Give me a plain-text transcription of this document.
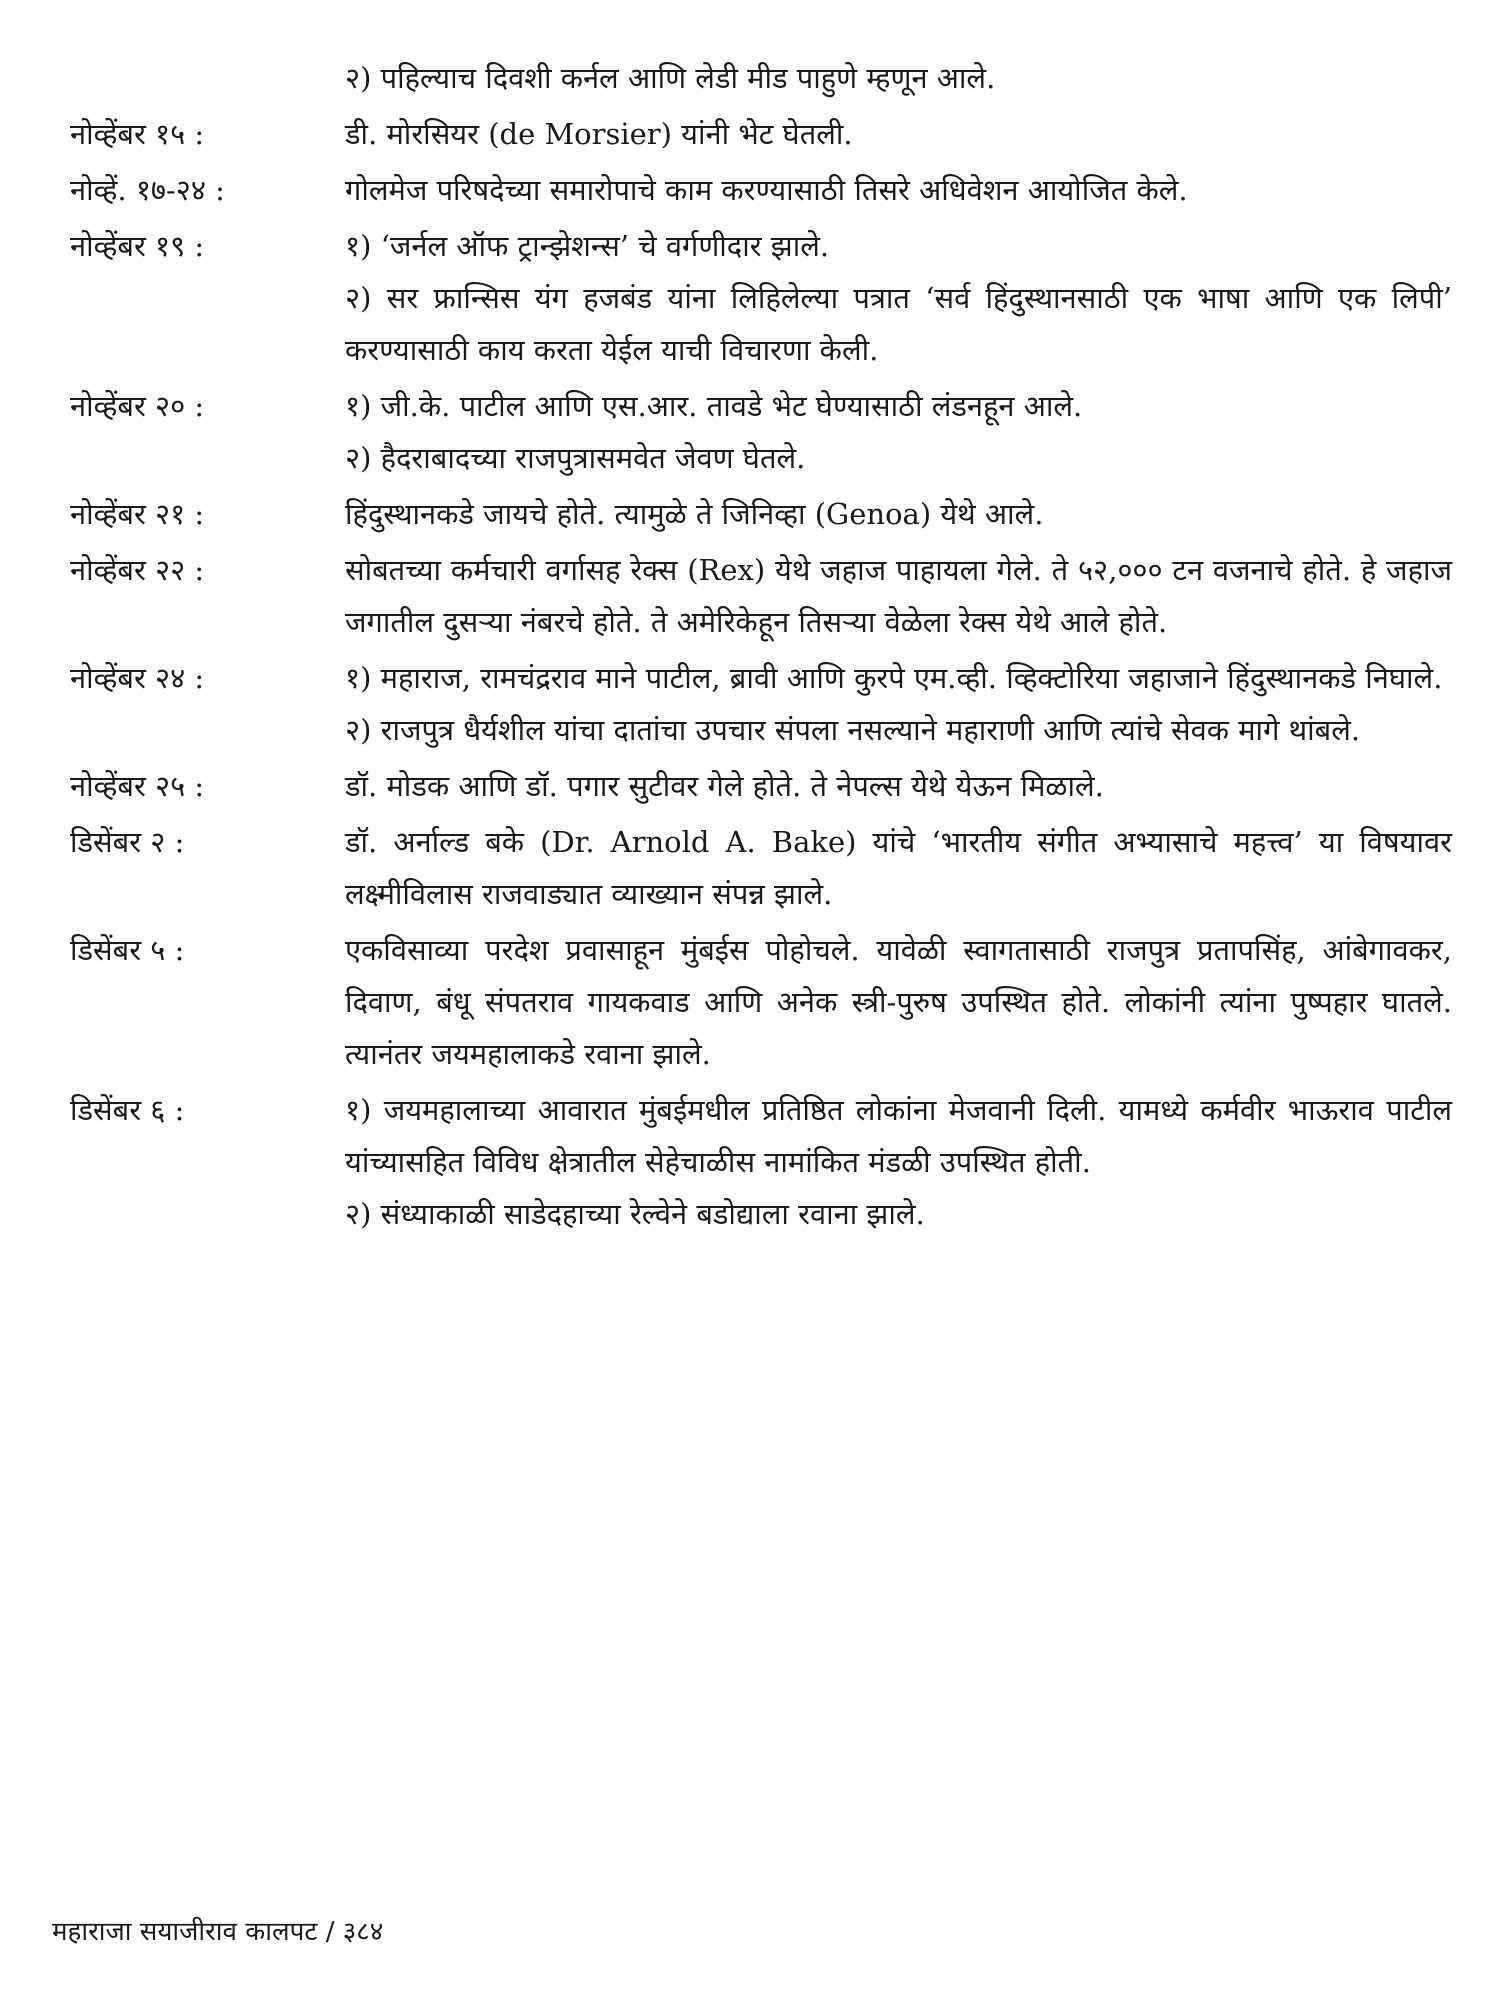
२) पहिल्याच दिवशी कर्नल आणि लेडी मीड पाहुणे म्हणून आले.

नोव्हेंबर १५ :	डी. मोरसियर (de Morsier) यांनी भेट घेतली.

नोव्हें. १७-२४ :	गोलमेज परिषदेच्या समारोपाचे काम करण्यासाठी तिसरे अधिवेशन आयोजित केले.

नोव्हेंबर १९ :	१) ‘जर्नल ऑफ ट्रान्झेशन्स’ चे वर्गणीदार झाले.

२) सर फ्रान्सिस यंग हजबंड यांना लिहिलेल्या पत्रात ‘सर्व हिंदुस्थानसाठी एक भाषा आणि एक लिपी’ करण्यासाठी काय करता येईल याची विचारणा केली.

नोव्हेंबर २० :	१) जी.के. पाटील आणि एस.आर. तावडे भेट घेण्यासाठी लंडनहून आले.

२) हैदराबादच्या राजपुत्रासमवेत जेवण घेतले.

नोव्हेंबर २१ :	हिंदुस्थानकडे जायचे होते. त्यामुळे ते जिनिव्हा (Genoa) येथे आले.

नोव्हेंबर २२ :	सोबतच्या कर्मचारी वर्गासह रेक्स (Rex) येथे जहाज पाहायला गेले. ते ५२,००० टन वजनाचे होते. हे जहाज जगातील दुसऱ्या नंबरचे होते. ते अमेरिकेहून तिसऱ्या वेळेला रेक्स येथे आले होते.

नोव्हेंबर २४ :	१) महाराज, रामचंद्रराव माने पाटील, ब्रावी आणि कुरपे एम.व्ही. व्हिक्टोरिया जहाजाने हिंदुस्थानकडे निघाले.

२) राजपुत्र धैर्यशील यांचा दातांचा उपचार संपला नसल्याने महाराणी आणि त्यांचे सेवक मागे थांबले.

नोव्हेंबर २५ :	डॉ. मोडक आणि डॉ. पगार सुटीवर गेले होते. ते नेपल्स येथे येऊन मिळाले.

डिसेंबर २ :	डॉ. अर्नाल्ड बके (Dr. Arnold A. Bake) यांचे ‘भारतीय संगीत अभ्यासाचे महत्त्व’ या विषयावर लक्ष्मीविलास राजवाड्यात व्याख्यान संपन्न झाले.

डिसेंबर ५ :	एकविसाव्या परदेश प्रवासाहून मुंबईस पोहोचले. यावेळी स्वागतासाठी राजपुत्र प्रतापसिंह, आंबेगावकर, दिवाण, बंधू संपतराव गायकवाड आणि अनेक स्त्री-पुरुष उपस्थित होते. लोकांनी त्यांना पुष्पहार घातले. त्यानंतर जयमहालाकडे रवाना झाले.

डिसेंबर ६ :	१) जयमहालाच्या आवारात मुंबईमधील प्रतिष्ठित लोकांना मेजवानी दिली. यामध्ये कर्मवीर भाऊराव पाटील यांच्यासहित विविध क्षेत्रातील सेहेचाळीस नामांकित मंडळी उपस्थित होती.

२) संध्याकाळी साडेदहाच्या रेल्वेने बडोद्याला रवाना झाले.

महाराजा सयाजीराव कालपट / ३८४
